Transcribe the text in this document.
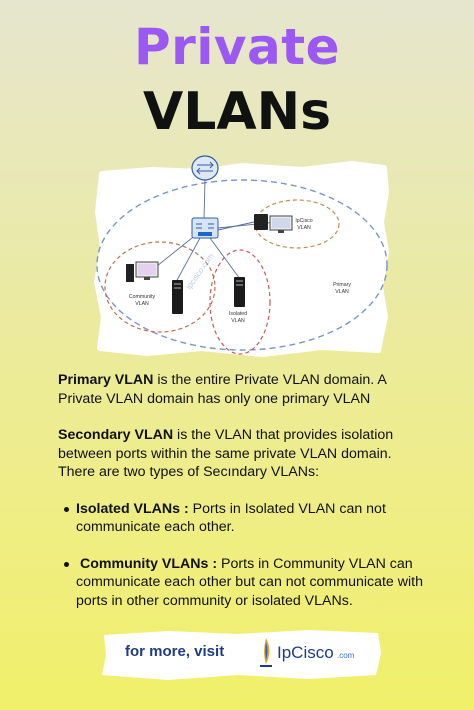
Private
VLANs
ipcisco.com
IpCisco
VLAN
Community
VLAN
Isolated
VLAN
Primary
VLAN

Primary VLAN is the entire Private VLAN domain. A Private VLAN domain has only one primary VLAN

Secondary VLAN is the VLAN that provides isolation between ports within the same private VLAN domain. There are two types of Secındary VLANs:

Isolated VLANs : Ports in Isolated VLAN can not communicate each other.
Community VLANs : Ports in Community VLAN can communicate each other but can not communicate with ports in other community or isolated VLANs.
for more, visit	IpCisco .com
